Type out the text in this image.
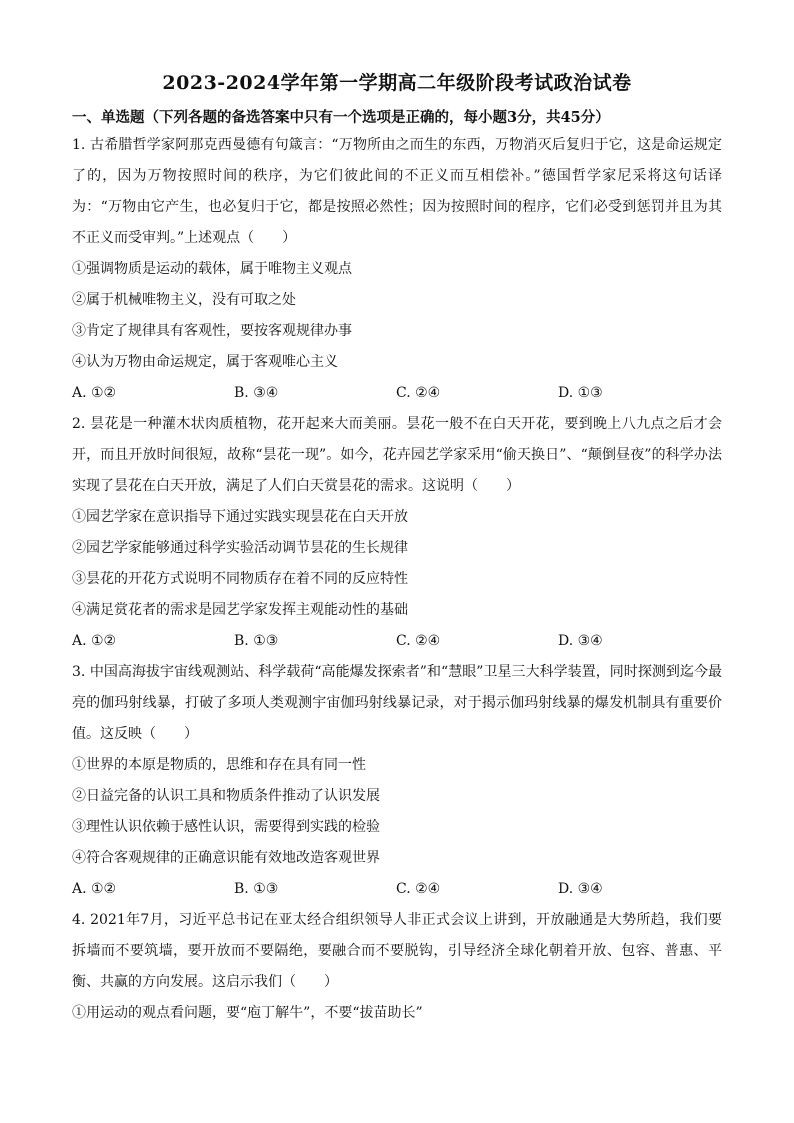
2023-2024学年第一学期高二年级阶段考试政治试卷
一、单选题（下列各题的备选答案中只有一个选项是正确的，每小题3分，共45分）

1. 古希腊哲学家阿那克西曼德有句箴言：“万物所由之而生的东西，万物消灭后复归于它，这是命运规定了的，因为万物按照时间的秩序，为它们彼此间的不正义而互相偿补。”德国哲学家尼采将这句话译为：“万物由它产生，也必复归于它，都是按照必然性；因为按照时间的程序，它们必受到惩罚并且为其不正义而受审判。”上述观点（　　）

①强调物质是运动的载体，属于唯物主义观点

②属于机械唯物主义，没有可取之处

③肯定了规律具有客观性，要按客观规律办事

④认为万物由命运规定，属于客观唯心主义

A. ①②	B. ③④	C. ②④	D. ①③

2. 昙花是一种灌木状肉质植物，花开起来大而美丽。昙花一般不在白天开花，要到晚上八九点之后才会开，而且开放时间很短，故称“昙花一现”。如今，花卉园艺学家采用“偷天换日”、“颠倒昼夜”的科学办法实现了昙花在白天开放，满足了人们白天赏昙花的需求。这说明（　　）

①园艺学家在意识指导下通过实践实现昙花在白天开放

②园艺学家能够通过科学实验活动调节昙花的生长规律

③昙花的开花方式说明不同物质存在着不同的反应特性

④满足赏花者的需求是园艺学家发挥主观能动性的基础

A. ①②	B. ①③	C. ②④	D. ③④

3. 中国高海拔宇宙线观测站、科学载荷“高能爆发探索者”和“慧眼”卫星三大科学装置，同时探测到迄今最亮的伽玛射线暴，打破了多项人类观测宇宙伽玛射线暴记录，对于揭示伽玛射线暴的爆发机制具有重要价值。这反映（　　）

①世界的本原是物质的，思维和存在具有同一性

②日益完备的认识工具和物质条件推动了认识发展

③理性认识依赖于感性认识，需要得到实践的检验

④符合客观规律的正确意识能有效地改造客观世界

A. ①②	B. ①③	C. ②④	D. ③④

4. 2021年7月，习近平总书记在亚太经合组织领导人非正式会议上讲到，开放融通是大势所趋，我们要拆墙而不要筑墙，要开放而不要隔绝，要融合而不要脱钩，引导经济全球化朝着开放、包容、普惠、平衡、共赢的方向发展。这启示我们（　　）

①用运动的观点看问题，要“庖丁解牛”，不要“拔苗助长”
